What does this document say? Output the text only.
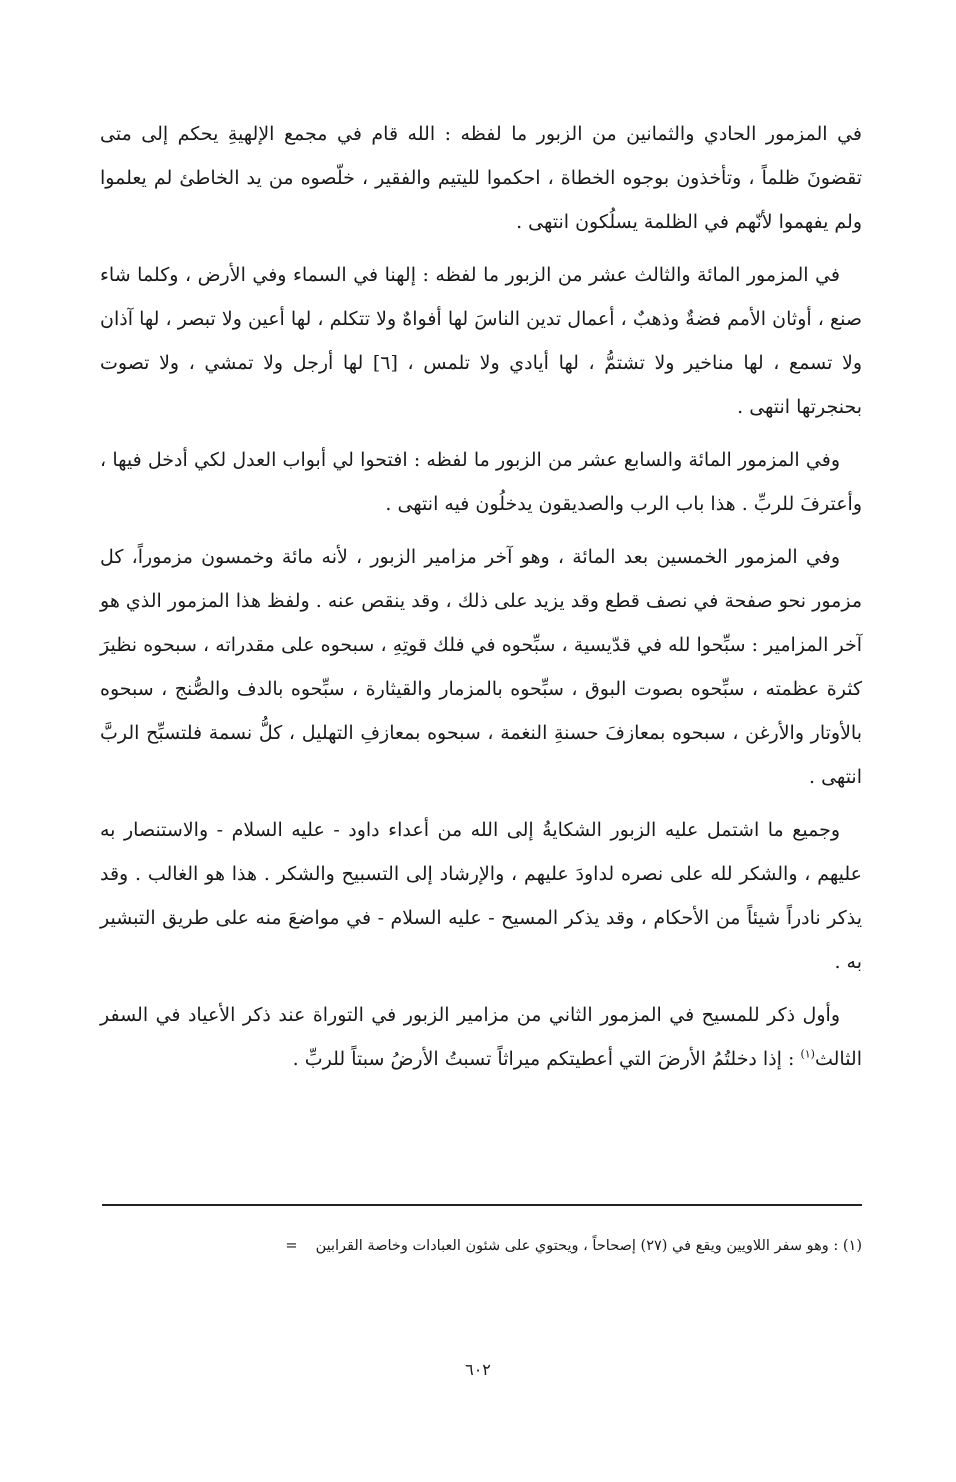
في المزمور الحادي والثمانين من الزبور ما لفظه : الله قام في مجمع الإلهيةِ يحكم إلى متى تقضونَ ظلماً ، وتأخذون بوجوه الخطاة ، احكموا لليتيم والفقير ، خلّصوه من يد الخاطئ لم يعلموا ولم يفهموا لأنّهم في الظلمة يسلُكون انتهى .

في المزمور المائة والثالث عشر من الزبور ما لفظه : إلهنا في السماء وفي الأرض ، وكلما شاء صنع ، أوثان الأمم فضةٌ وذهبٌ ، أعمال تدين الناسَ لها أفواهٌ ولا تتكلم ، لها أعين ولا تبصر ، لها آذان ولا تسمع ، لها مناخير ولا تشتمُّ ، لها أيادي ولا تلمس ، [٦] لها أرجل ولا تمشي ، ولا تصوت بحنجرتها انتهى .

وفي المزمور المائة والسابع عشر من الزبور ما لفظه : افتحوا لي أبواب العدل لكي أدخل فيها ، وأعترفَ للربِّ . هذا باب الرب والصديقون يدخلُون فيه انتهى .

وفي المزمور الخمسين بعد المائة ، وهو آخر مزامير الزبور ، لأنه مائة وخمسون مزموراً، كل مزمور نحو صفحة في نصف قطع وقد يزيد على ذلك ، وقد ينقص عنه . ولفظ هذا المزمور الذي هو آخر المزامير : سبِّحوا لله في قدّيسية ، سبِّحوه في فلك قوتِهِ ، سبحوه على مقدراته ، سبحوه نظيرَ كثرة عظمته ، سبِّحوه بصوت البوق ، سبِّحوه بالمزمار والقيثارة ، سبِّحوه بالدف والصُّنج ، سبحوه بالأوتار والأرغن ، سبحوه بمعازفَ حسنةِ النغمة ، سبحوه بمعازفِ التهليل ، كلُّ نسمة فلتسبِّح الربَّ انتهى .

وجميع ما اشتمل عليه الزبور الشكايةُ إلى الله من أعداء داود - عليه السلام - والاستنصار به عليهم ، والشكر لله على نصره لداودَ عليهم ، والإرشاد إلى التسبيح والشكر . هذا هو الغالب . وقد يذكر نادراً شيئاً من الأحكام ، وقد يذكر المسيح - عليه السلام - في مواضعَ منه على طريق التبشير به .

وأول ذكر للمسيح في المزمور الثاني من مزامير الزبور في التوراة عند ذكر الأعياد في السفر الثالث$^{(١)}$ : إذا دخلتُمُ الأرضَ التي أعطيتكم ميراثاً تسبتُ الأرضُ سبتاً للربِّ .

(١) : وهو سفر اللاويين ويقع في (٢٧) إصحاحاً ، ويحتوي على شئون العبادات وخاصة القرابين=
٦٠٢
